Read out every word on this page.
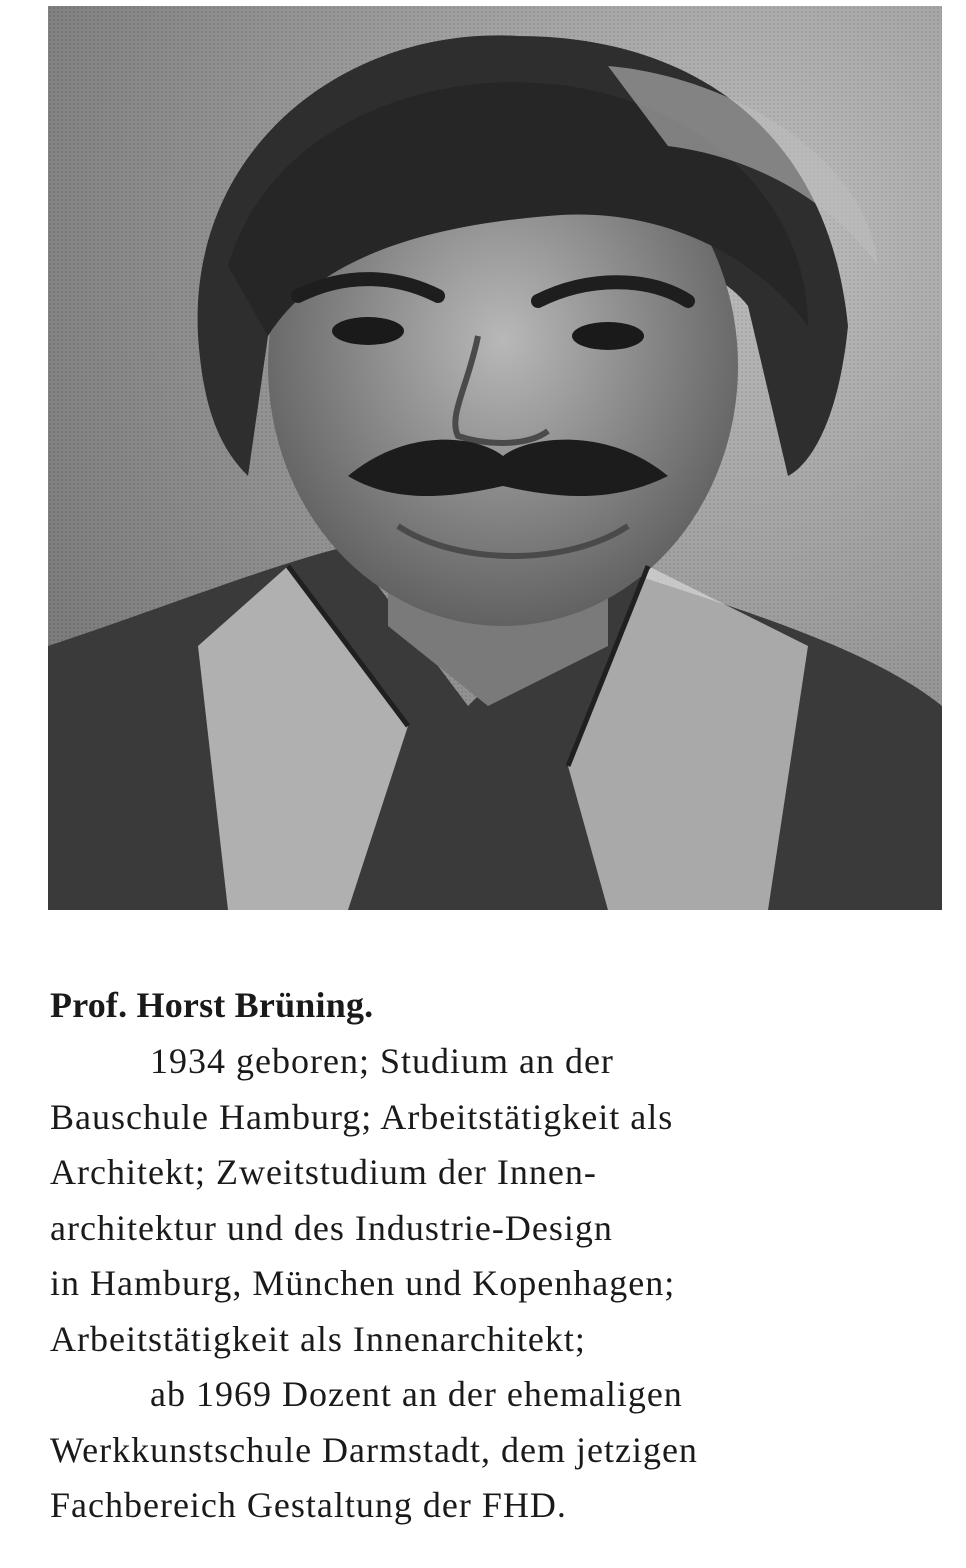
Prof. Horst Brüning.

1934 geboren; Studium an der

Bauschule Hamburg; Arbeitstätigkeit als

Architekt; Zweitstudium der Innen-

architektur und des Industrie-Design

in Hamburg, München und Kopenhagen;

Arbeitstätigkeit als Innenarchitekt;

ab 1969 Dozent an der ehemaligen

Werkkunstschule Darmstadt, dem jetzigen

Fachbereich Gestaltung der FHD.
